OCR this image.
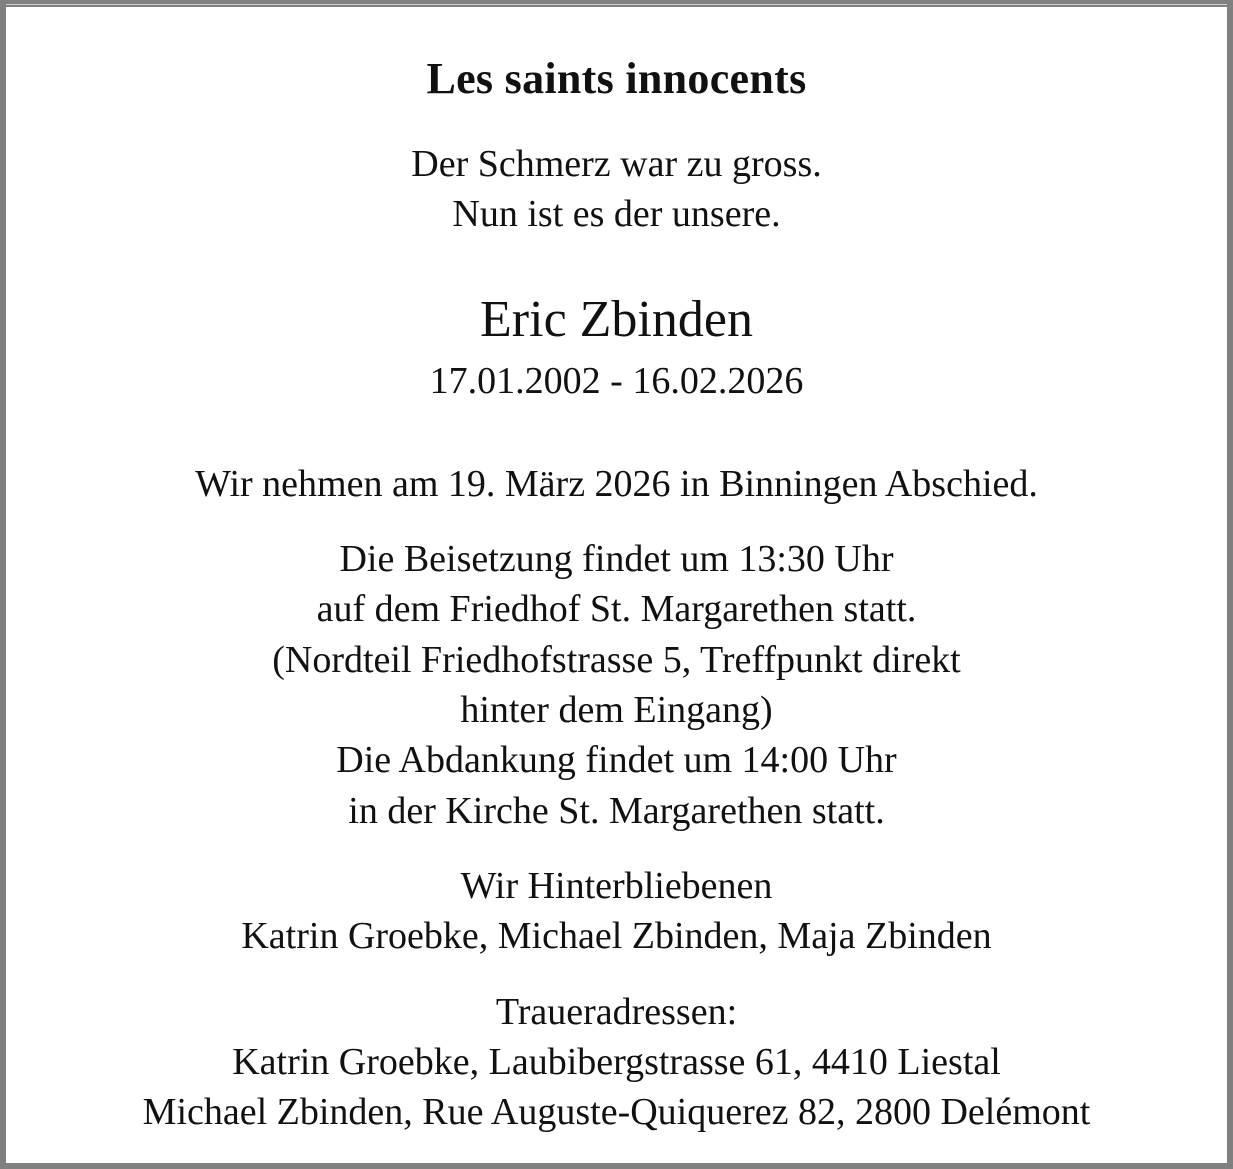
Les saints innocents
Der Schmerz war zu gross.
Nun ist es der unsere.
Eric Zbinden
17.01.2002 - 16.02.2026
Wir nehmen am 19. März 2026 in Binningen Abschied.
Die Beisetzung findet um 13:30 Uhr
auf dem Friedhof St. Margarethen statt.
(Nordteil Friedhofstrasse 5, Treffpunkt direkt
hinter dem Eingang)
Die Abdankung findet um 14:00 Uhr
in der Kirche St. Margarethen statt.
Wir Hinterbliebenen
Katrin Groebke, Michael Zbinden, Maja Zbinden
Traueradressen:
Katrin Groebke, Laubibergstrasse 61, 4410 Liestal
Michael Zbinden, Rue Auguste-Quiquerez 82, 2800 Delémont
